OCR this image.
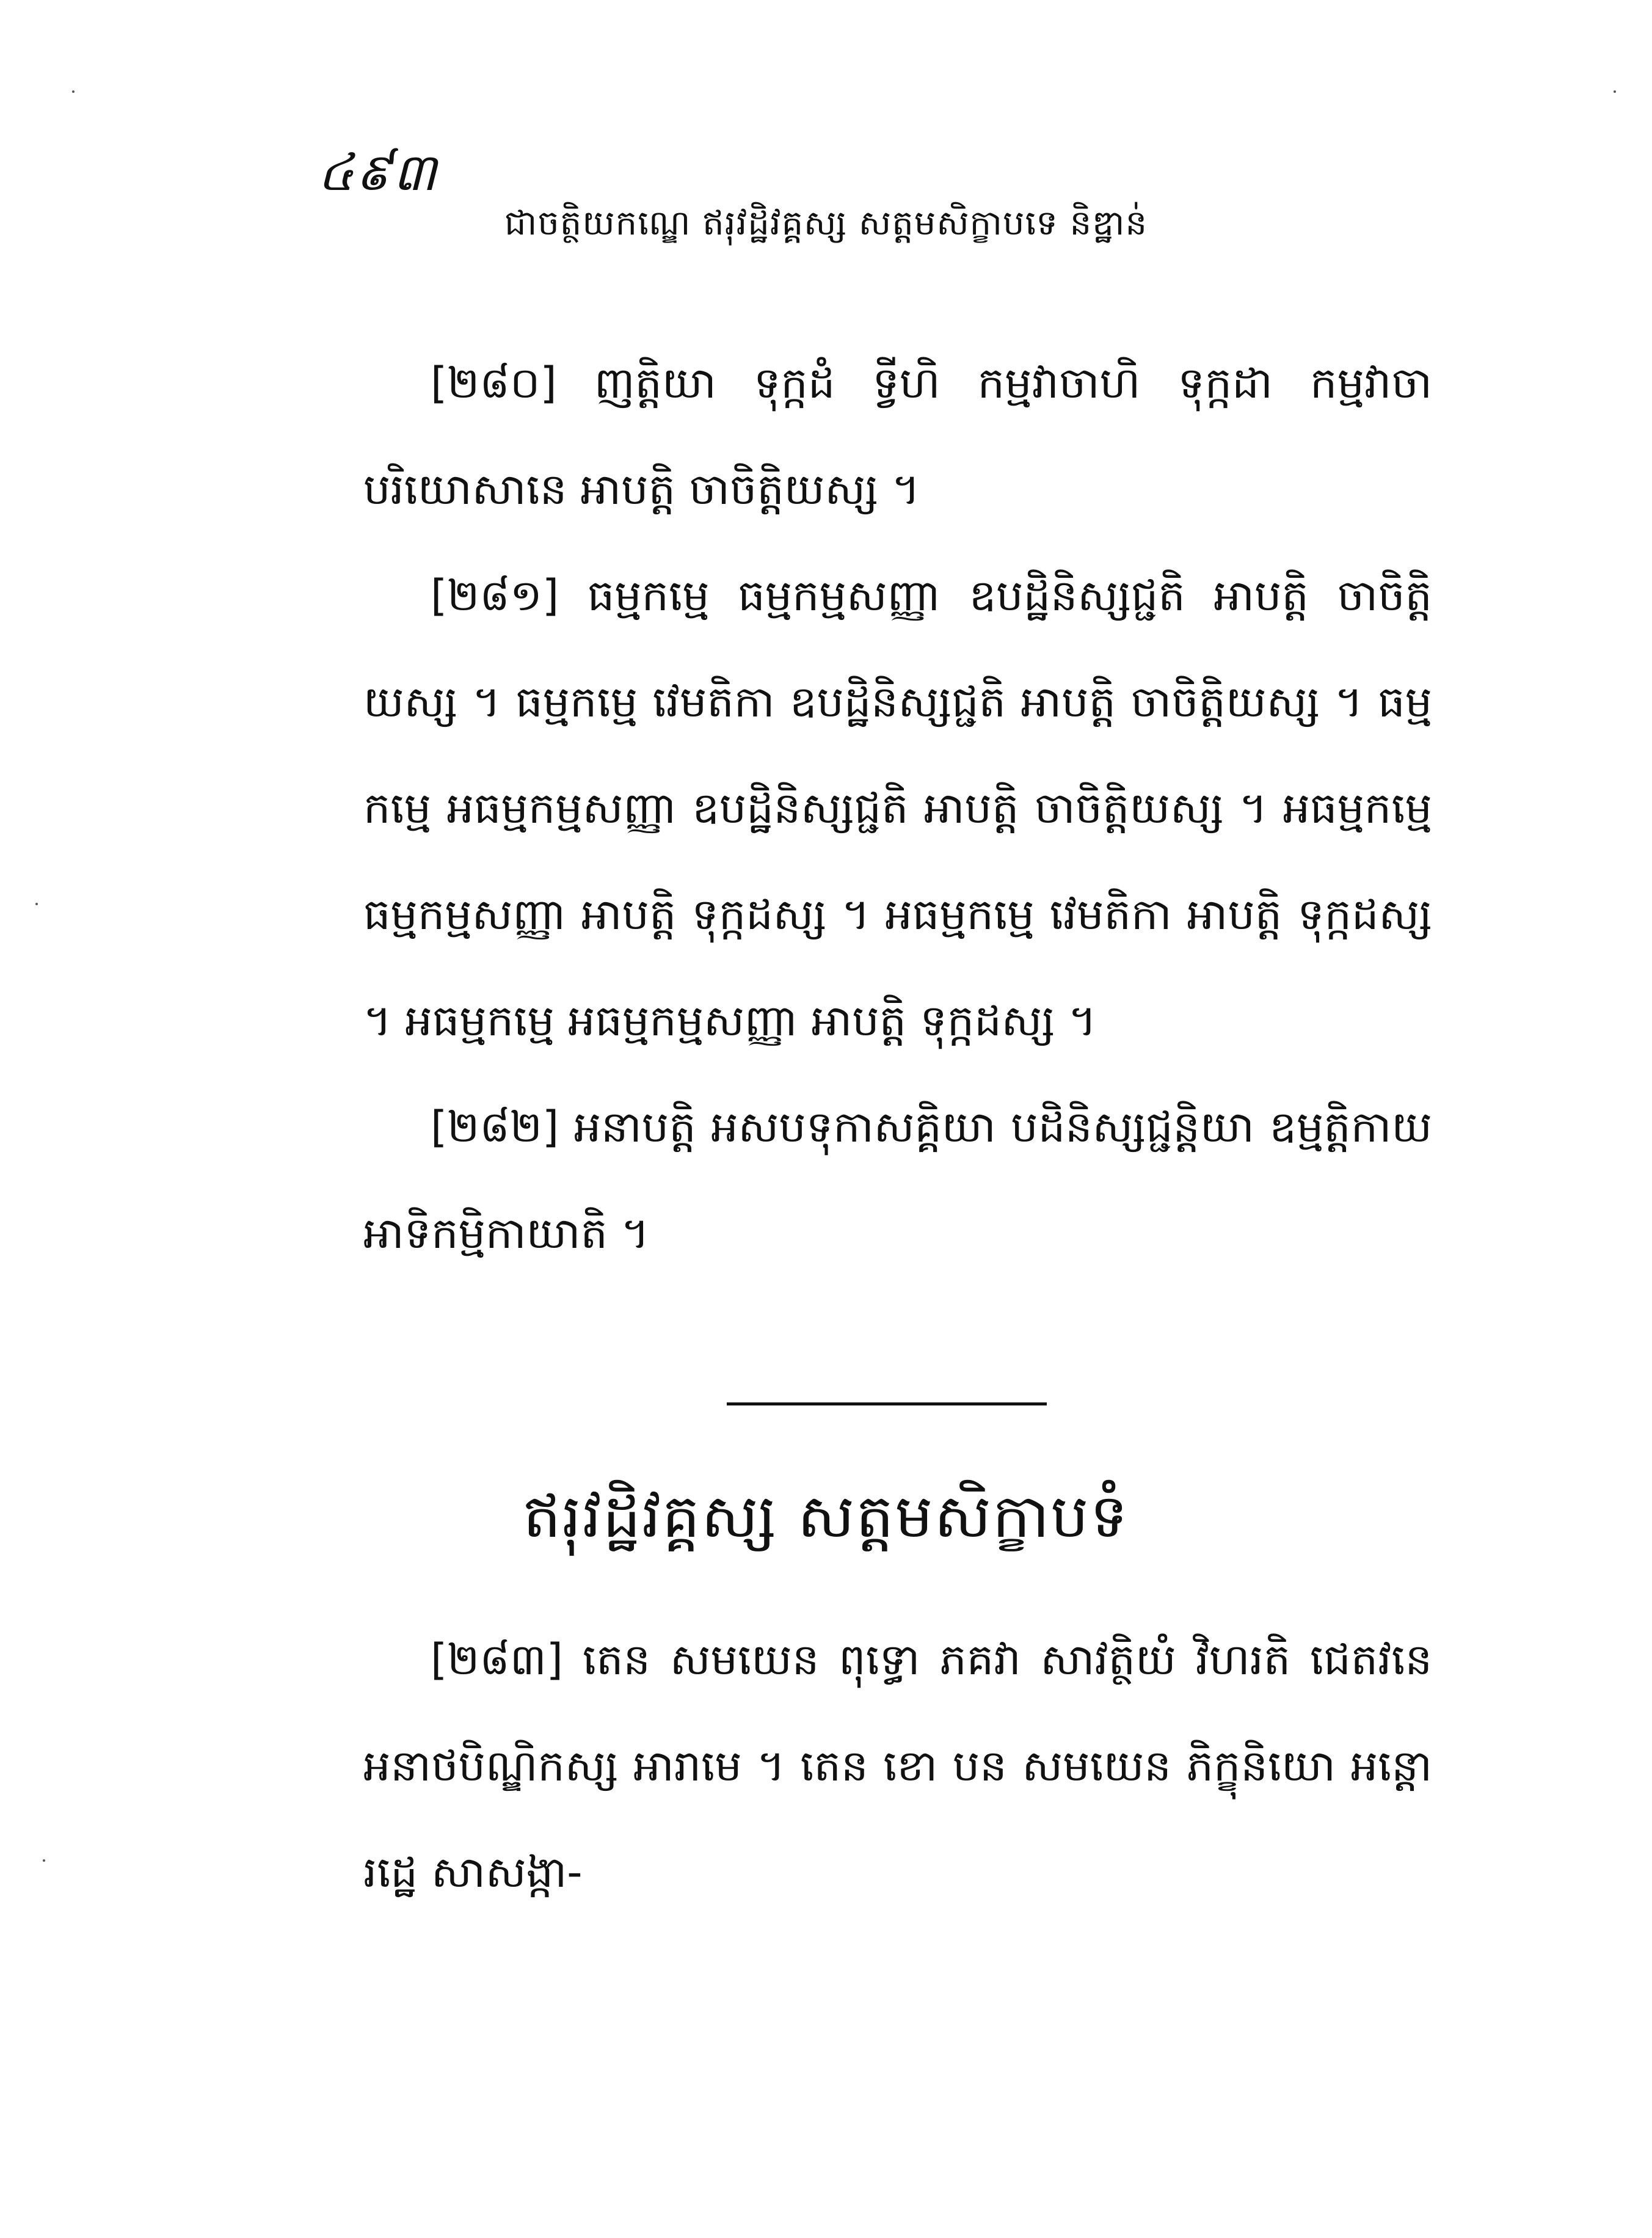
៤៩៣
ជាចត្ថិយកណ្ឌេ ឥរុវដ្ឋិវគ្គស្ស សត្តមសិក្ខាបទេ និឌ្ឋាន់

[២៨០] ញត្តិយា ទុក្កដំ ទ្វីហិ កម្មវាចាហិ ទុក្កដា កម្មវាចាបរិយោសានេ អាបត្តិ ចាចិត្តិយស្ស ។

[២៨១] ធម្មកម្មេ ធម្មកម្មសញ្ញា ឧបដ្ឋិនិស្សជ្ជតិ អាបត្តិ ចាចិត្តិយស្ស ។ ធម្មកម្មេ វេមតិកា ឧបដ្ឋិនិស្សជ្ជតិ អាបត្តិ ចាចិត្តិយស្ស ។ ធម្មកម្មេ អធម្មកម្មសញ្ញា ឧបដ្ឋិនិស្សជ្ជតិ អាបត្តិ ចាចិត្តិយស្ស ។ អធម្មកម្មេ ធម្មកម្មសញ្ញា អាបត្តិ ទុក្កដស្ស ។ អធម្មកម្មេ វេមតិកា អាបត្តិ ទុក្កដស្ស ។ អធម្មកម្មេ អធម្មកម្មសញ្ញា អាបត្តិ ទុក្កដស្ស ។

[២៨២] អនាបត្តិ អសបទុកាសគ្គិយា បដិនិស្សជ្ជន្តិយា ឧម្មត្តិកាយ អាទិកម្មិកាយាតិ ។

ឥរុវដ្ឋិវគ្គស្ស សត្តមសិក្ខាបទំ

[២៨៣] តេន សមយេន ពុទ្ធោ ភគវា សាវត្ថិយំ វិហរតិ ជេតវនេ អនាថបិណ្ឌិកស្ស អារាមេ ។ តេន ខោ បន សមយេន ភិក្ខុនិយោ អន្តោរដ្ឋេ សាសង្កា-
